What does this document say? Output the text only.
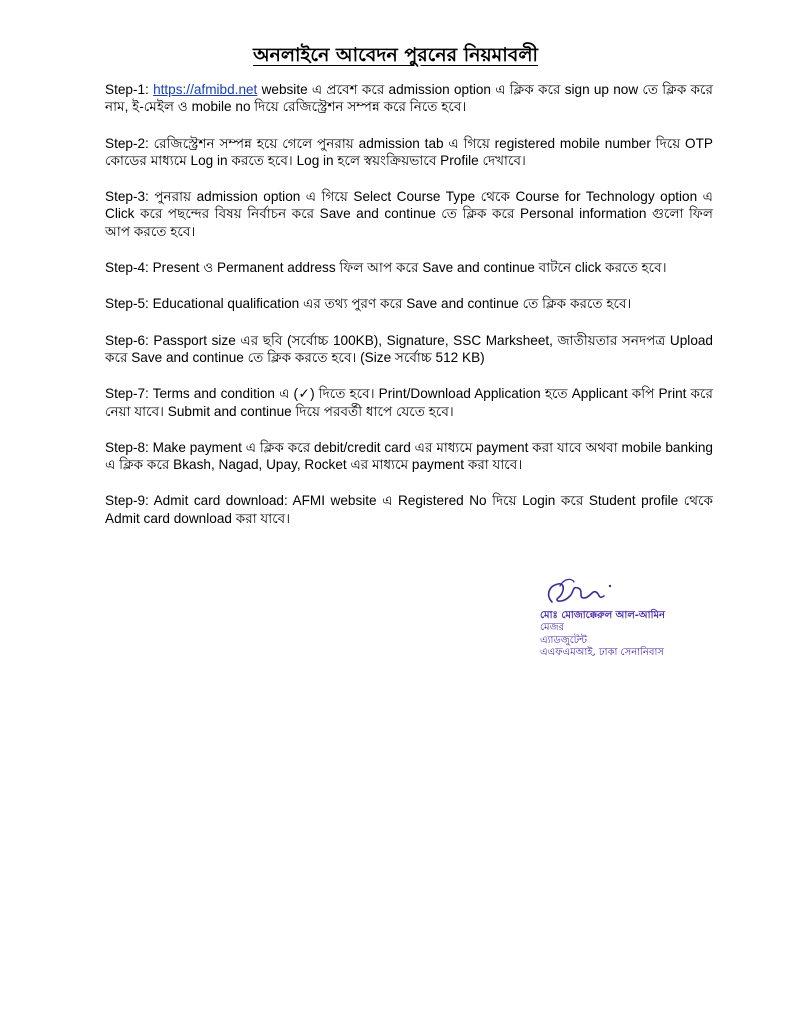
অনলাইনে আবেদন পুরনের নিয়মাবলী

Step-1: https://afmibd.net website এ প্রবেশ করে admission option এ ক্লিক করে sign up now তে ক্লিক করে নাম, ই-মেইল ও mobile no দিয়ে রেজিস্ট্রেশন সম্পন্ন করে নিতে হবে।

Step-2: রেজিস্ট্রেশন সম্পন্ন হয়ে গেলে পুনরায় admission tab এ গিয়ে registered mobile number দিয়ে OTP কোডের মাধ্যমে Log in করতে হবে। Log in হলে স্বয়ংক্রিয়ভাবে Profile দেখাবে।

Step-3: পুনরায় admission option এ গিয়ে Select Course Type থেকে Course for Technology option এ Click করে পছন্দের বিষয় নির্বাচন করে Save and continue তে ক্লিক করে Personal information গুলো ফিল আপ করতে হবে।

Step-4: Present ও Permanent address ফিল আপ করে Save and continue বাটনে click করতে হবে।

Step-5: Educational qualification এর তথ্য পুরণ করে Save and continue তে ক্লিক করতে হবে।

Step-6: Passport size এর ছবি (সর্বোচ্চ 100KB), Signature, SSC Marksheet, জাতীয়তার সনদপত্র Upload করে Save and continue তে ক্লিক করতে হবে। (Size সর্বোচ্চ 512 KB)

Step-7: Terms and condition এ (✓) দিতে হবে। Print/Download Application হতে Applicant কপি Print করে নেয়া যাবে। Submit and continue দিয়ে পরবর্তী ধাপে যেতে হবে।

Step-8: Make payment এ ক্লিক করে debit/credit card এর মাধ্যমে payment করা যাবে অথবা mobile banking এ ক্লিক করে Bkash, Nagad, Upay, Rocket এর মাধ্যমে payment করা যাবে।

Step-9: Admit card download: AFMI website এ Registered No দিয়ে Login করে Student profile থেকে Admit card download করা যাবে।

মোঃ মোজাক্কেরুল আল-আমিন
মেজর
এ্যাডজুটেন্ট
এএফএমআই, ঢাকা সেনানিবাস
